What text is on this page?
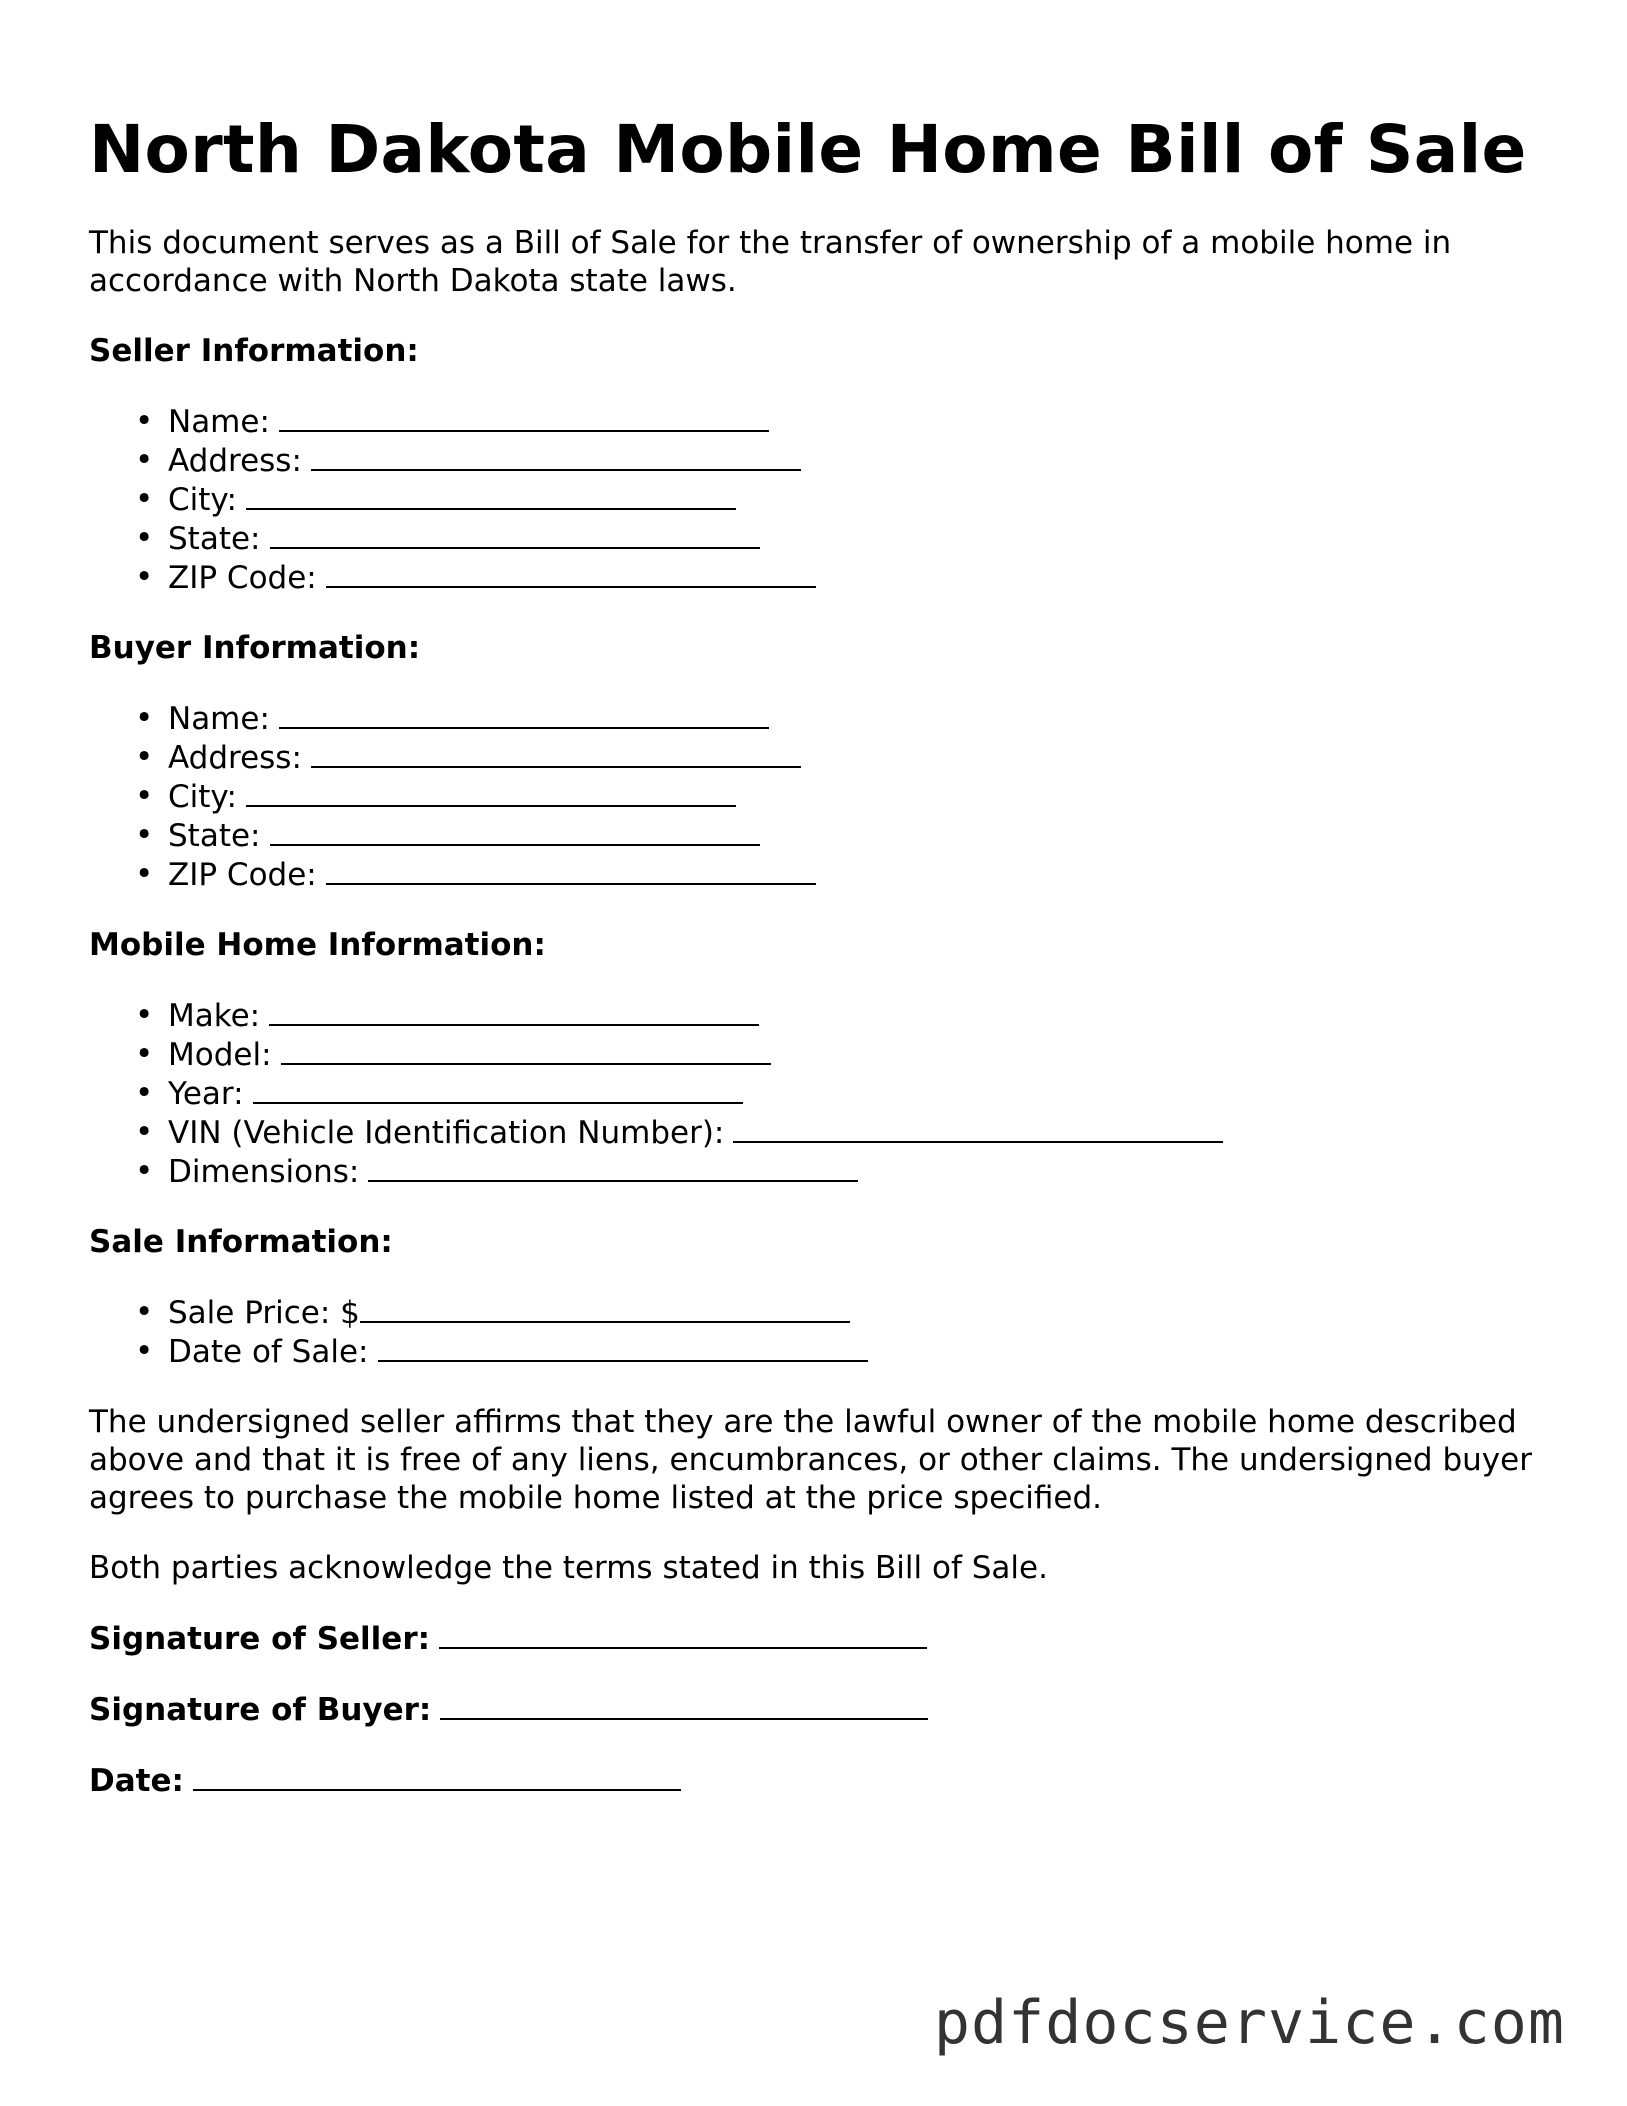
North Dakota Mobile Home Bill of Sale

This document serves as a Bill of Sale for the transfer of ownership of a mobile home in accordance with North Dakota state laws.

Seller Information:
• Name:
• Address:
• City:
• State:
• ZIP Code:
Buyer Information:
• Name:
• Address:
• City:
• State:
• ZIP Code:
Mobile Home Information:
• Make:
• Model:
• Year:
• VIN (Vehicle Identification Number):
• Dimensions:
Sale Information:
• Sale Price: $
• Date of Sale:

The undersigned seller affirms that they are the lawful owner of the mobile home described above and that it is free of any liens, encumbrances, or other claims. The undersigned buyer agrees to purchase the mobile home listed at the price specified.

Both parties acknowledge the terms stated in this Bill of Sale.

Signature of Seller:
Signature of Buyer:
Date:
pdfdocservice.com
